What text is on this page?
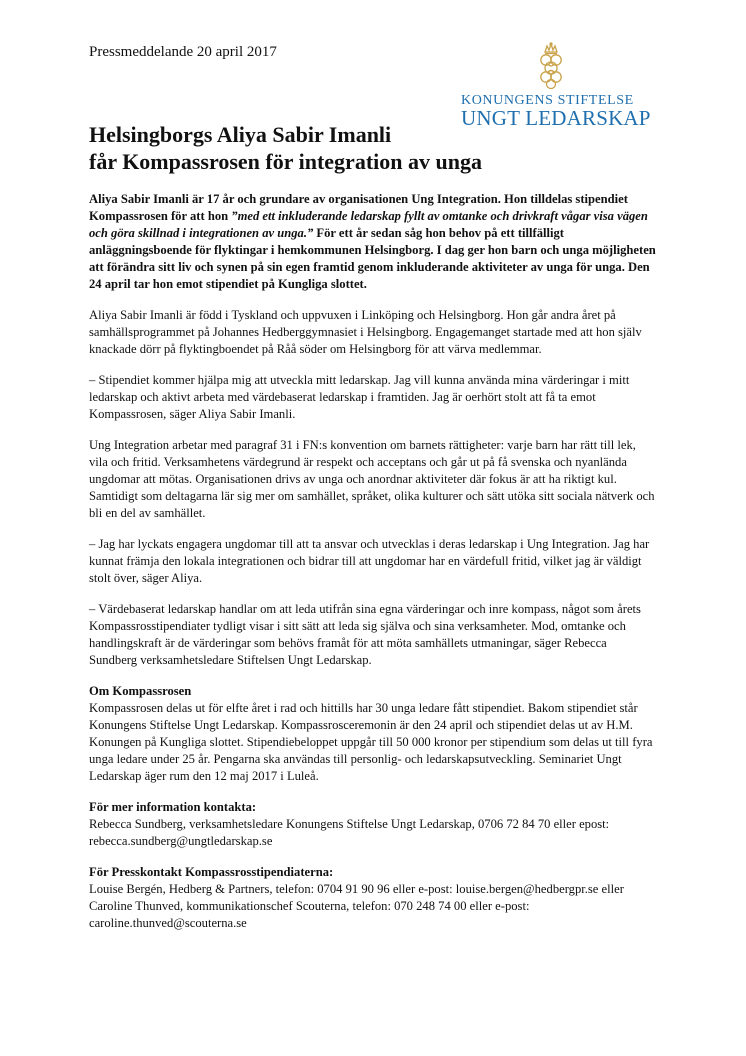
Pressmeddelande 20 april 2017

KONUNGENS STIFTELSE
UNGT LEDARSKAP
Helsingborgs Aliya Sabir Imanli
får Kompassrosen för integration av unga

Aliya Sabir Imanli är 17 år och grundare av organisationen Ung Integration. Hon tilldelas stipendiet Kompassrosen för att hon ”med ett inkluderande ledarskap fyllt av omtanke och drivkraft vågar visa vägen och göra skillnad i integrationen av unga.” För ett år sedan såg hon behov på ett tillfälligt anläggningsboende för flyktingar i hemkommunen Helsingborg. I dag ger hon barn och unga möjligheten att förändra sitt liv och synen på sin egen framtid genom inkluderande aktiviteter av unga för unga. Den 24 april tar hon emot stipendiet på Kungliga slottet.

Aliya Sabir Imanli är född i Tyskland och uppvuxen i Linköping och Helsingborg. Hon går andra året på samhällsprogrammet på Johannes Hedberggymnasiet i Helsingborg. Engagemanget startade med att hon själv knackade dörr på flyktingboendet på Råå söder om Helsingborg för att värva medlemmar.

– Stipendiet kommer hjälpa mig att utveckla mitt ledarskap. Jag vill kunna använda mina värderingar i mitt ledarskap och aktivt arbeta med värdebaserat ledarskap i framtiden. Jag är oerhört stolt att få ta emot Kompassrosen, säger Aliya Sabir Imanli.

Ung Integration arbetar med paragraf 31 i FN:s konvention om barnets rättigheter: varje barn har rätt till lek, vila och fritid. Verksamhetens värdegrund är respekt och acceptans och går ut på få svenska och nyanlända ungdomar att mötas. Organisationen drivs av unga och anordnar aktiviteter där fokus är att ha riktigt kul. Samtidigt som deltagarna lär sig mer om samhället, språket, olika kulturer och sätt utöka sitt sociala nätverk och bli en del av samhället.

– Jag har lyckats engagera ungdomar till att ta ansvar och utvecklas i deras ledarskap i Ung Integration. Jag har kunnat främja den lokala integrationen och bidrar till att ungdomar har en värdefull fritid, vilket jag är väldigt stolt över, säger Aliya.

– Värdebaserat ledarskap handlar om att leda utifrån sina egna värderingar och inre kompass, något som årets Kompassrosstipendiater tydligt visar i sitt sätt att leda sig själva och sina verksamheter. Mod, omtanke och handlingskraft är de värderingar som behövs framåt för att möta samhällets utmaningar, säger Rebecca Sundberg verksamhetsledare Stiftelsen Ungt Ledarskap.

Om Kompassrosen
Kompassrosen delas ut för elfte året i rad och hittills har 30 unga ledare fått stipendiet. Bakom stipendiet står Konungens Stiftelse Ungt Ledarskap. Kompassrosceremonin är den 24 april och stipendiet delas ut av H.M. Konungen på Kungliga slottet. Stipendiebeloppet uppgår till 50 000 kronor per stipendium som delas ut till fyra unga ledare under 25 år. Pengarna ska användas till personlig- och ledarskapsutveckling. Seminariet Ungt Ledarskap äger rum den 12 maj 2017 i Luleå.
För mer information kontakta:
Rebecca Sundberg, verksamhetsledare Konungens Stiftelse Ungt Ledarskap, 0706 72 84 70 eller epost:
rebecca.sundberg@ungtledarskap.se
För Presskontakt Kompassrosstipendiaterna:
Louise Bergén, Hedberg & Partners, telefon: 0704 91 90 96 eller e-post: louise.bergen@hedbergpr.se eller
Caroline Thunved, kommunikationschef Scouterna, telefon: 070 248 74 00 eller e-post:
caroline.thunved@scouterna.se
